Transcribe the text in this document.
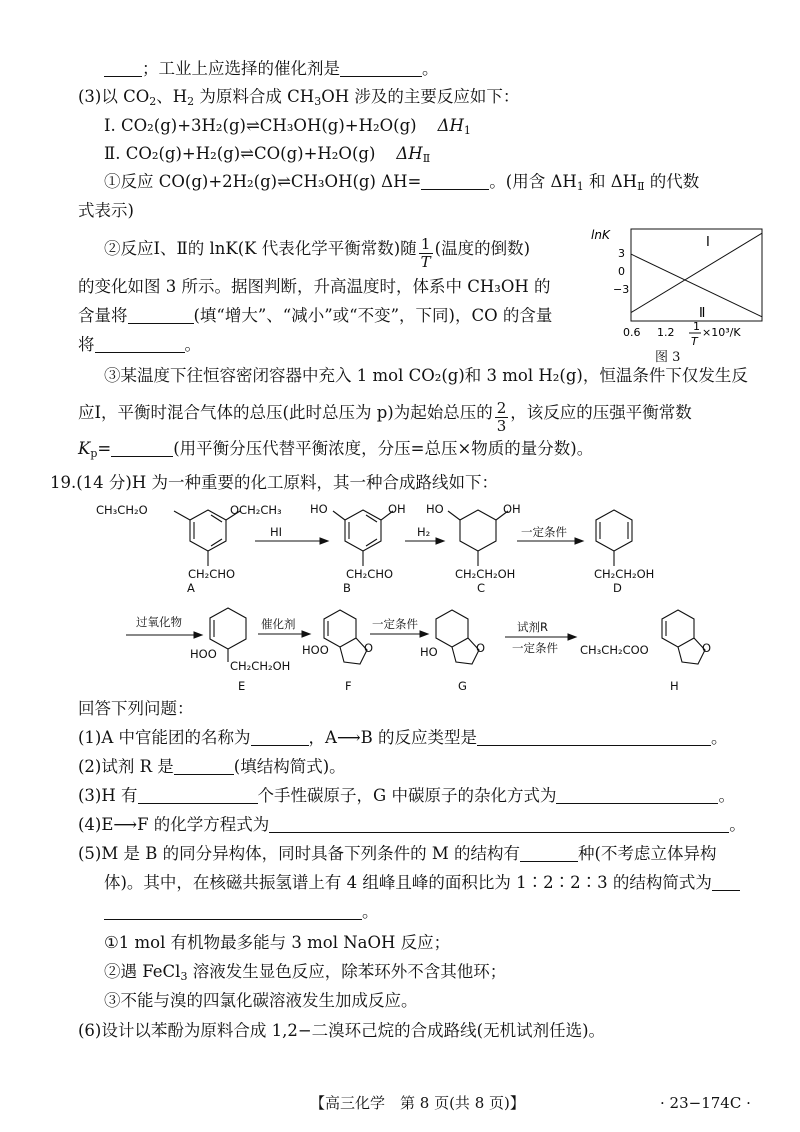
；工业上应选择的催化剂是	。
(3)以 CO2、H2 为原料合成 CH3OH 涉及的主要反应如下：
Ⅰ. CO₂(g)+3H₂(g)⇌CH₃OH(g)+H₂O(g) ΔH1
Ⅱ. CO₂(g)+H₂(g)⇌CO(g)+H₂O(g) ΔHⅡ
①反应 CO(g)+2H₂(g)⇌CH₃OH(g) ΔH=	。(用含 ΔH1 和 ΔHⅡ 的代数
式表示)
②反应Ⅰ、Ⅱ的 lnK(K 代表化学平衡常数)随 $\frac{1}{T}$ (温度的倒数)
的变化如图 3 所示。据图判断，升高温度时，体系中 CH₃OH 的
含量将	(填“增大”、“减小”或“不变”，下同)，CO 的含量
将	。
lnK
3
0
−3
0.6 1.2 1
T
×10³/K
Ⅰ
Ⅱ
图 3
③某温度下往恒容密闭容器中充入 1 mol CO₂(g)和 3 mol H₂(g)，恒温条件下仅发生反
应Ⅰ，平衡时混合气体的总压(此时总压为 p)为起始总压的 $\frac{2}{3}$ ，该反应的压强平衡常数
Kp=	(用平衡分压代替平衡浓度，分压=总压×物质的量分数)。
19.(14 分)H 为一种重要的化工原料，其一种合成路线如下：
CH₃CH₂O	OCH₂CH₃
CH₂CHO
A
HI
HO	OH
CH₂CHO
B
H₂
HO	OH
CH₂CH₂OH
C
一定条件
CH₂CH₂OH
D
过氧化物
HOO
CH₂CH₂OH
E
催化剂
HOO	O
F
一定条件
HO	O
G
试剂R
一定条件 CH₃CH₂COO	O
H
回答下列问题：
(1)A 中官能团的名称为	，A⟶B 的反应类型是	。
(2)试剂 R 是	(填结构简式)。
(3)H 有	个手性碳原子，G 中碳原子的杂化方式为	。
(4)E⟶F 的化学方程式为	。
(5)M 是 B 的同分异构体，同时具备下列条件的 M 的结构有	种(不考虑立体异构
体)。其中，在核磁共振氢谱上有 4 组峰且峰的面积比为 1∶2∶2∶3 的结构简式为
。
①1 mol 有机物最多能与 3 mol NaOH 反应；
②遇 FeCl3 溶液发生显色反应，除苯环外不含其他环；
③不能与溴的四氯化碳溶液发生加成反应。
(6)设计以苯酚为原料合成 1,2−二溴环己烷的合成路线(无机试剂任选)。
【高三化学　第 8 页(共 8 页)】	· 23−174C ·
